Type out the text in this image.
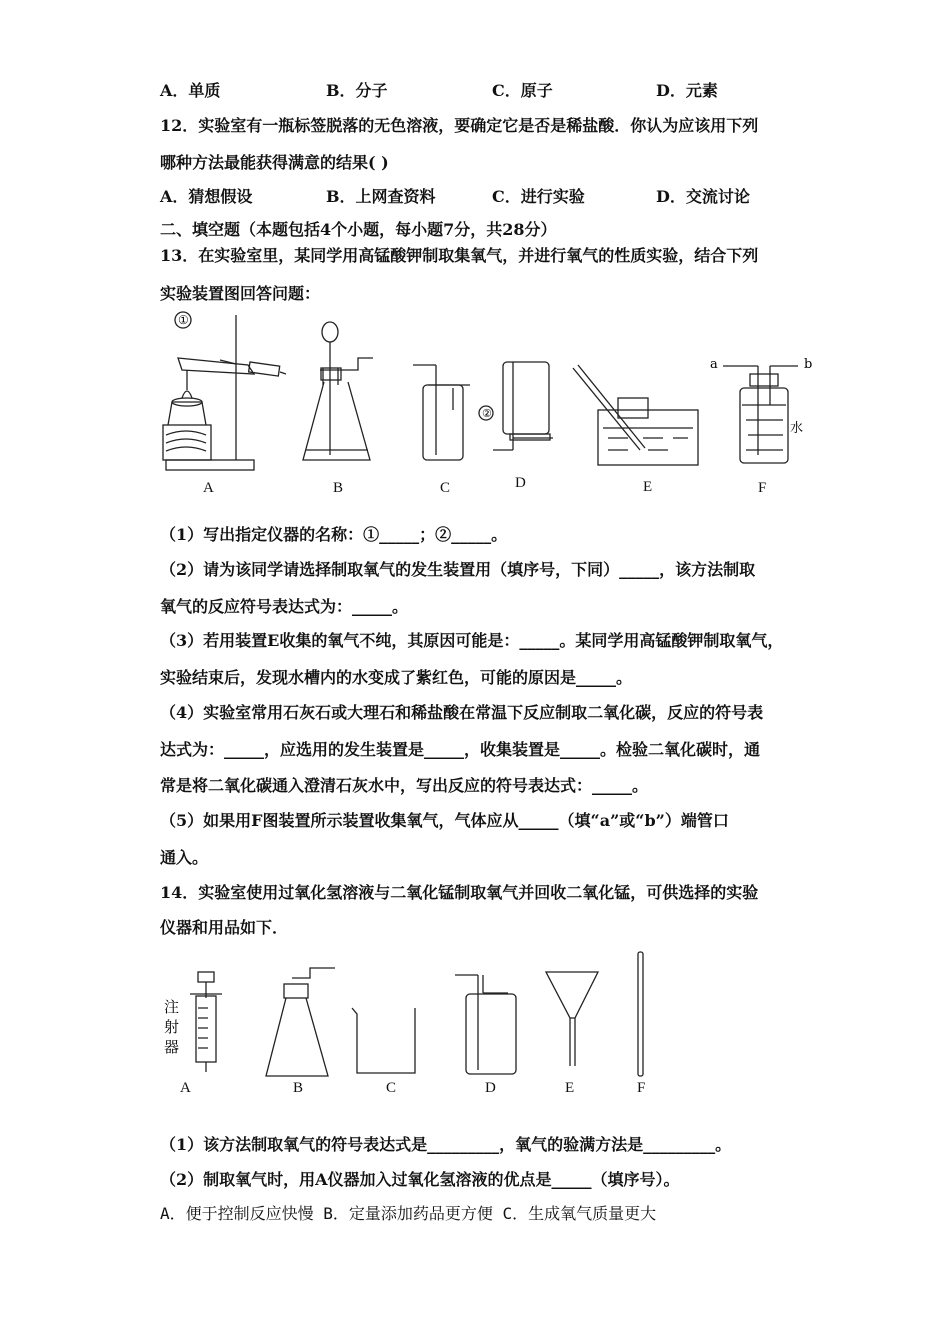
A．单质	B．分子	C．原子	D．元素
12．实验室有一瓶标签脱落的无色溶液，要确定它是否是稀盐酸．你认为应该用下列
哪种方法最能获得满意的结果( )
A．猜想假设	B．上网查资料	C．进行实验	D．交流讨论
二、填空题（本题包括4个小题，每小题7分，共28分）
13．在实验室里，某同学用高锰酸钾制取集氧气，并进行氧气的性质实验，结合下列
实验装置图回答问题：
①
②
a	b
水
A	B	C	D	E	F
（1）写出指定仪器的名称：①_____；②_____。
（2）请为该同学请选择制取氧气的发生装置用（填序号，下同）_____，该方法制取
氧气的反应符号表达式为：_____。
（3）若用装置E收集的氧气不纯，其原因可能是：_____。某同学用高锰酸钾制取氧气，
实验结束后，发现水槽内的水变成了紫红色，可能的原因是_____。
（4）实验室常用石灰石或大理石和稀盐酸在常温下反应制取二氧化碳，反应的符号表
达式为：_____，应选用的发生装置是_____，收集装置是_____。检验二氧化碳时，通
常是将二氧化碳通入澄清石灰水中，写出反应的符号表达式：_____。
（5）如果用F图装置所示装置收集氧气，气体应从_____（填“a”或“b”）端管口
通入。
14．实验室使用过氧化氢溶液与二氧化锰制取氧气并回收二氧化锰，可供选择的实验
仪器和用品如下．
注
射
器
A	B	C	D	E	F
（1）该方法制取氧气的符号表达式是_________，氧气的验满方法是_________。
（2）制取氧气时，用A仪器加入过氧化氢溶液的优点是_____（填序号）。
A．便于控制反应快慢 B．定量添加药品更方便 C．生成氧气质量更大
